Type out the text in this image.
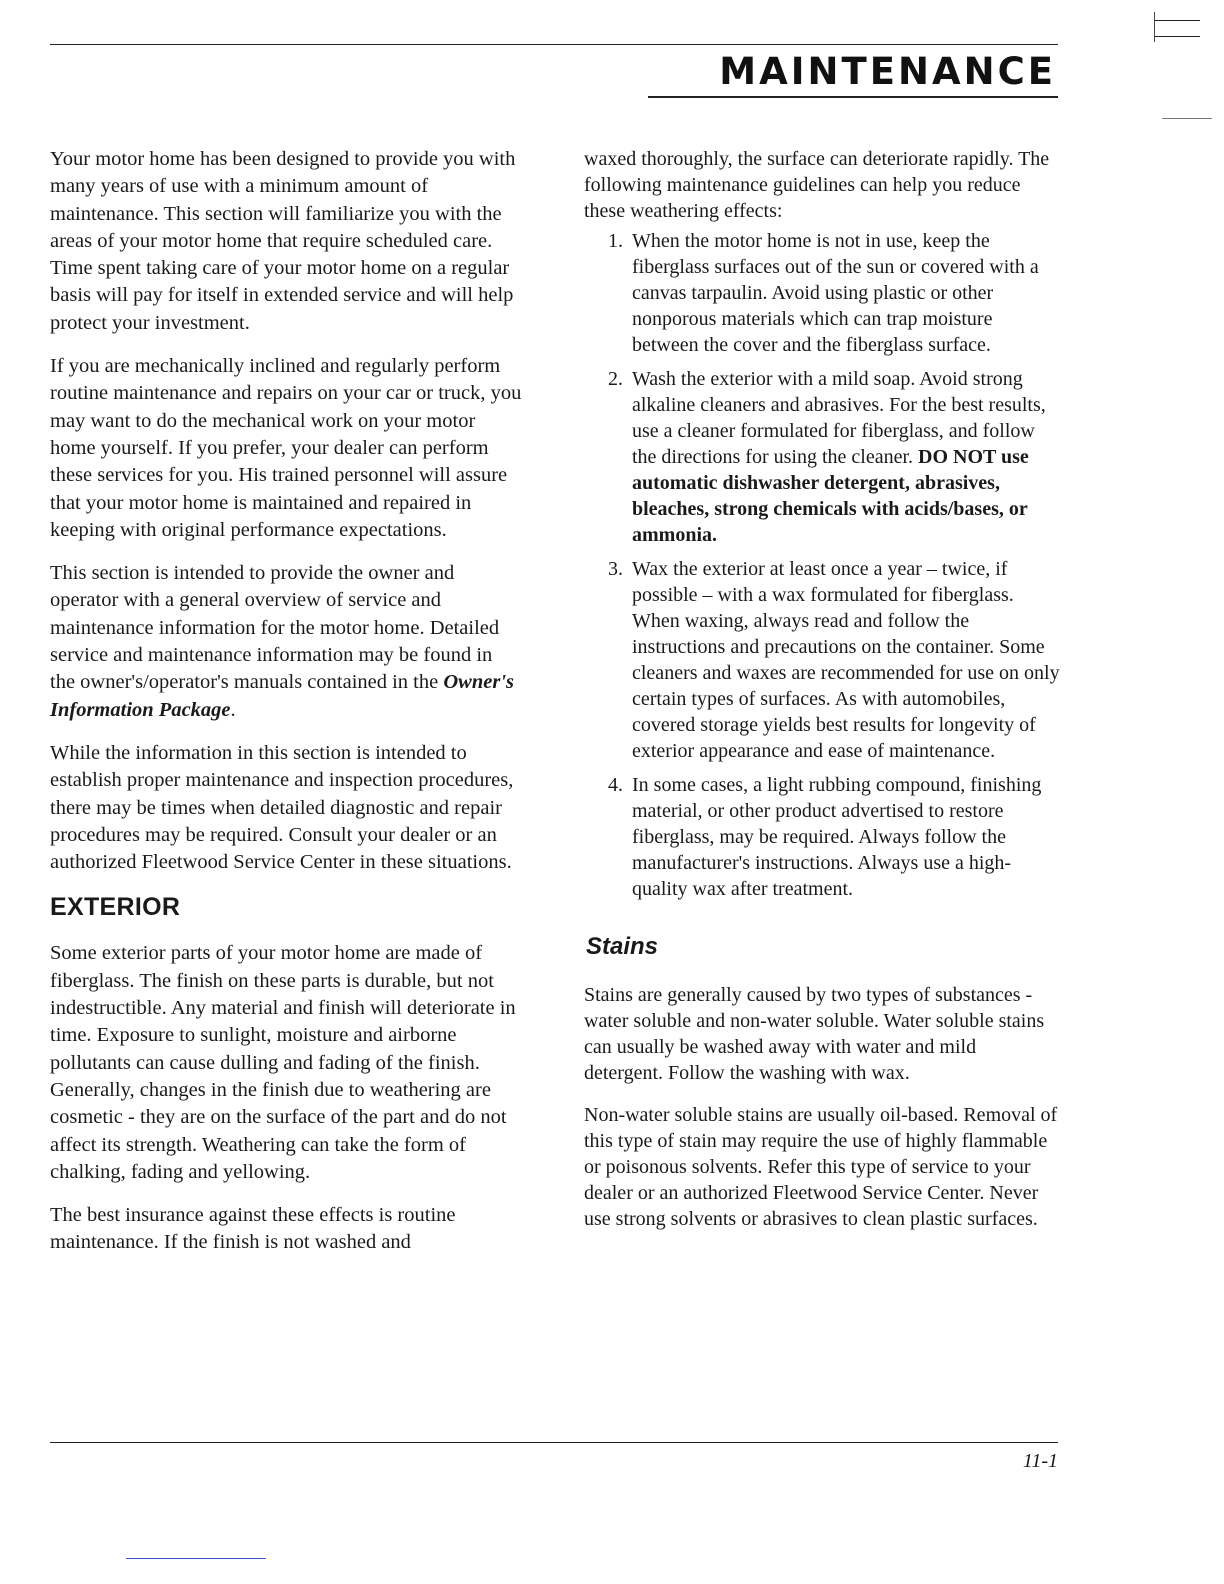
MAINTENANCE

Your motor home has been designed to provide you with many years of use with a minimum amount of maintenance. This section will familiarize you with the areas of your motor home that require scheduled care. Time spent taking care of your motor home on a regular basis will pay for itself in extended service and will help protect your investment.

If you are mechanically inclined and regularly perform routine maintenance and repairs on your car or truck, you may want to do the mechanical work on your motor home yourself. If you prefer, your dealer can perform these services for you. His trained personnel will assure that your motor home is maintained and repaired in keeping with original performance expectations.

This section is intended to provide the owner and operator with a general overview of service and maintenance information for the motor home. Detailed service and maintenance information may be found in the owner's/operator's manuals contained in the Owner's Information Package.

While the information in this section is intended to establish proper maintenance and inspection procedures, there may be times when detailed diagnostic and repair procedures may be required. Consult your dealer or an authorized Fleetwood Service Center in these situations.

EXTERIOR

Some exterior parts of your motor home are made of fiberglass. The finish on these parts is durable, but not indestructible. Any material and finish will deteriorate in time. Exposure to sunlight, moisture and airborne pollutants can cause dulling and fading of the finish. Generally, changes in the finish due to weathering are cosmetic - they are on the surface of the part and do not affect its strength. Weathering can take the form of chalking, fading and yellowing.

The best insurance against these effects is routine maintenance. If the finish is not washed and

waxed thoroughly, the surface can deteriorate rapidly. The following maintenance guidelines can help you reduce these weathering effects:

1. When the motor home is not in use, keep the fiberglass surfaces out of the sun or covered with a canvas tarpaulin. Avoid using plastic or other nonporous materials which can trap moisture between the cover and the fiberglass surface.
2. Wash the exterior with a mild soap. Avoid strong alkaline cleaners and abrasives. For the best results, use a cleaner formulated for fiberglass, and follow the directions for using the cleaner. DO NOT use automatic dishwasher detergent, abrasives, bleaches, strong chemicals with acids/bases, or ammonia.
3. Wax the exterior at least once a year – twice, if possible – with a wax formulated for fiberglass. When waxing, always read and follow the instructions and precautions on the container. Some cleaners and waxes are recommended for use on only certain types of surfaces. As with automobiles, covered storage yields best results for longevity of exterior appearance and ease of maintenance.
4. In some cases, a light rubbing compound, finishing material, or other product advertised to restore fiberglass, may be required. Always follow the manufacturer's instructions. Always use a high-quality wax after treatment.
Stains

Stains are generally caused by two types of substances - water soluble and non-water soluble. Water soluble stains can usually be washed away with water and mild detergent. Follow the washing with wax.

Non-water soluble stains are usually oil-based. Removal of this type of stain may require the use of highly flammable or poisonous solvents. Refer this type of service to your dealer or an authorized Fleetwood Service Center. Never use strong solvents or abrasives to clean plastic surfaces.

11-1
